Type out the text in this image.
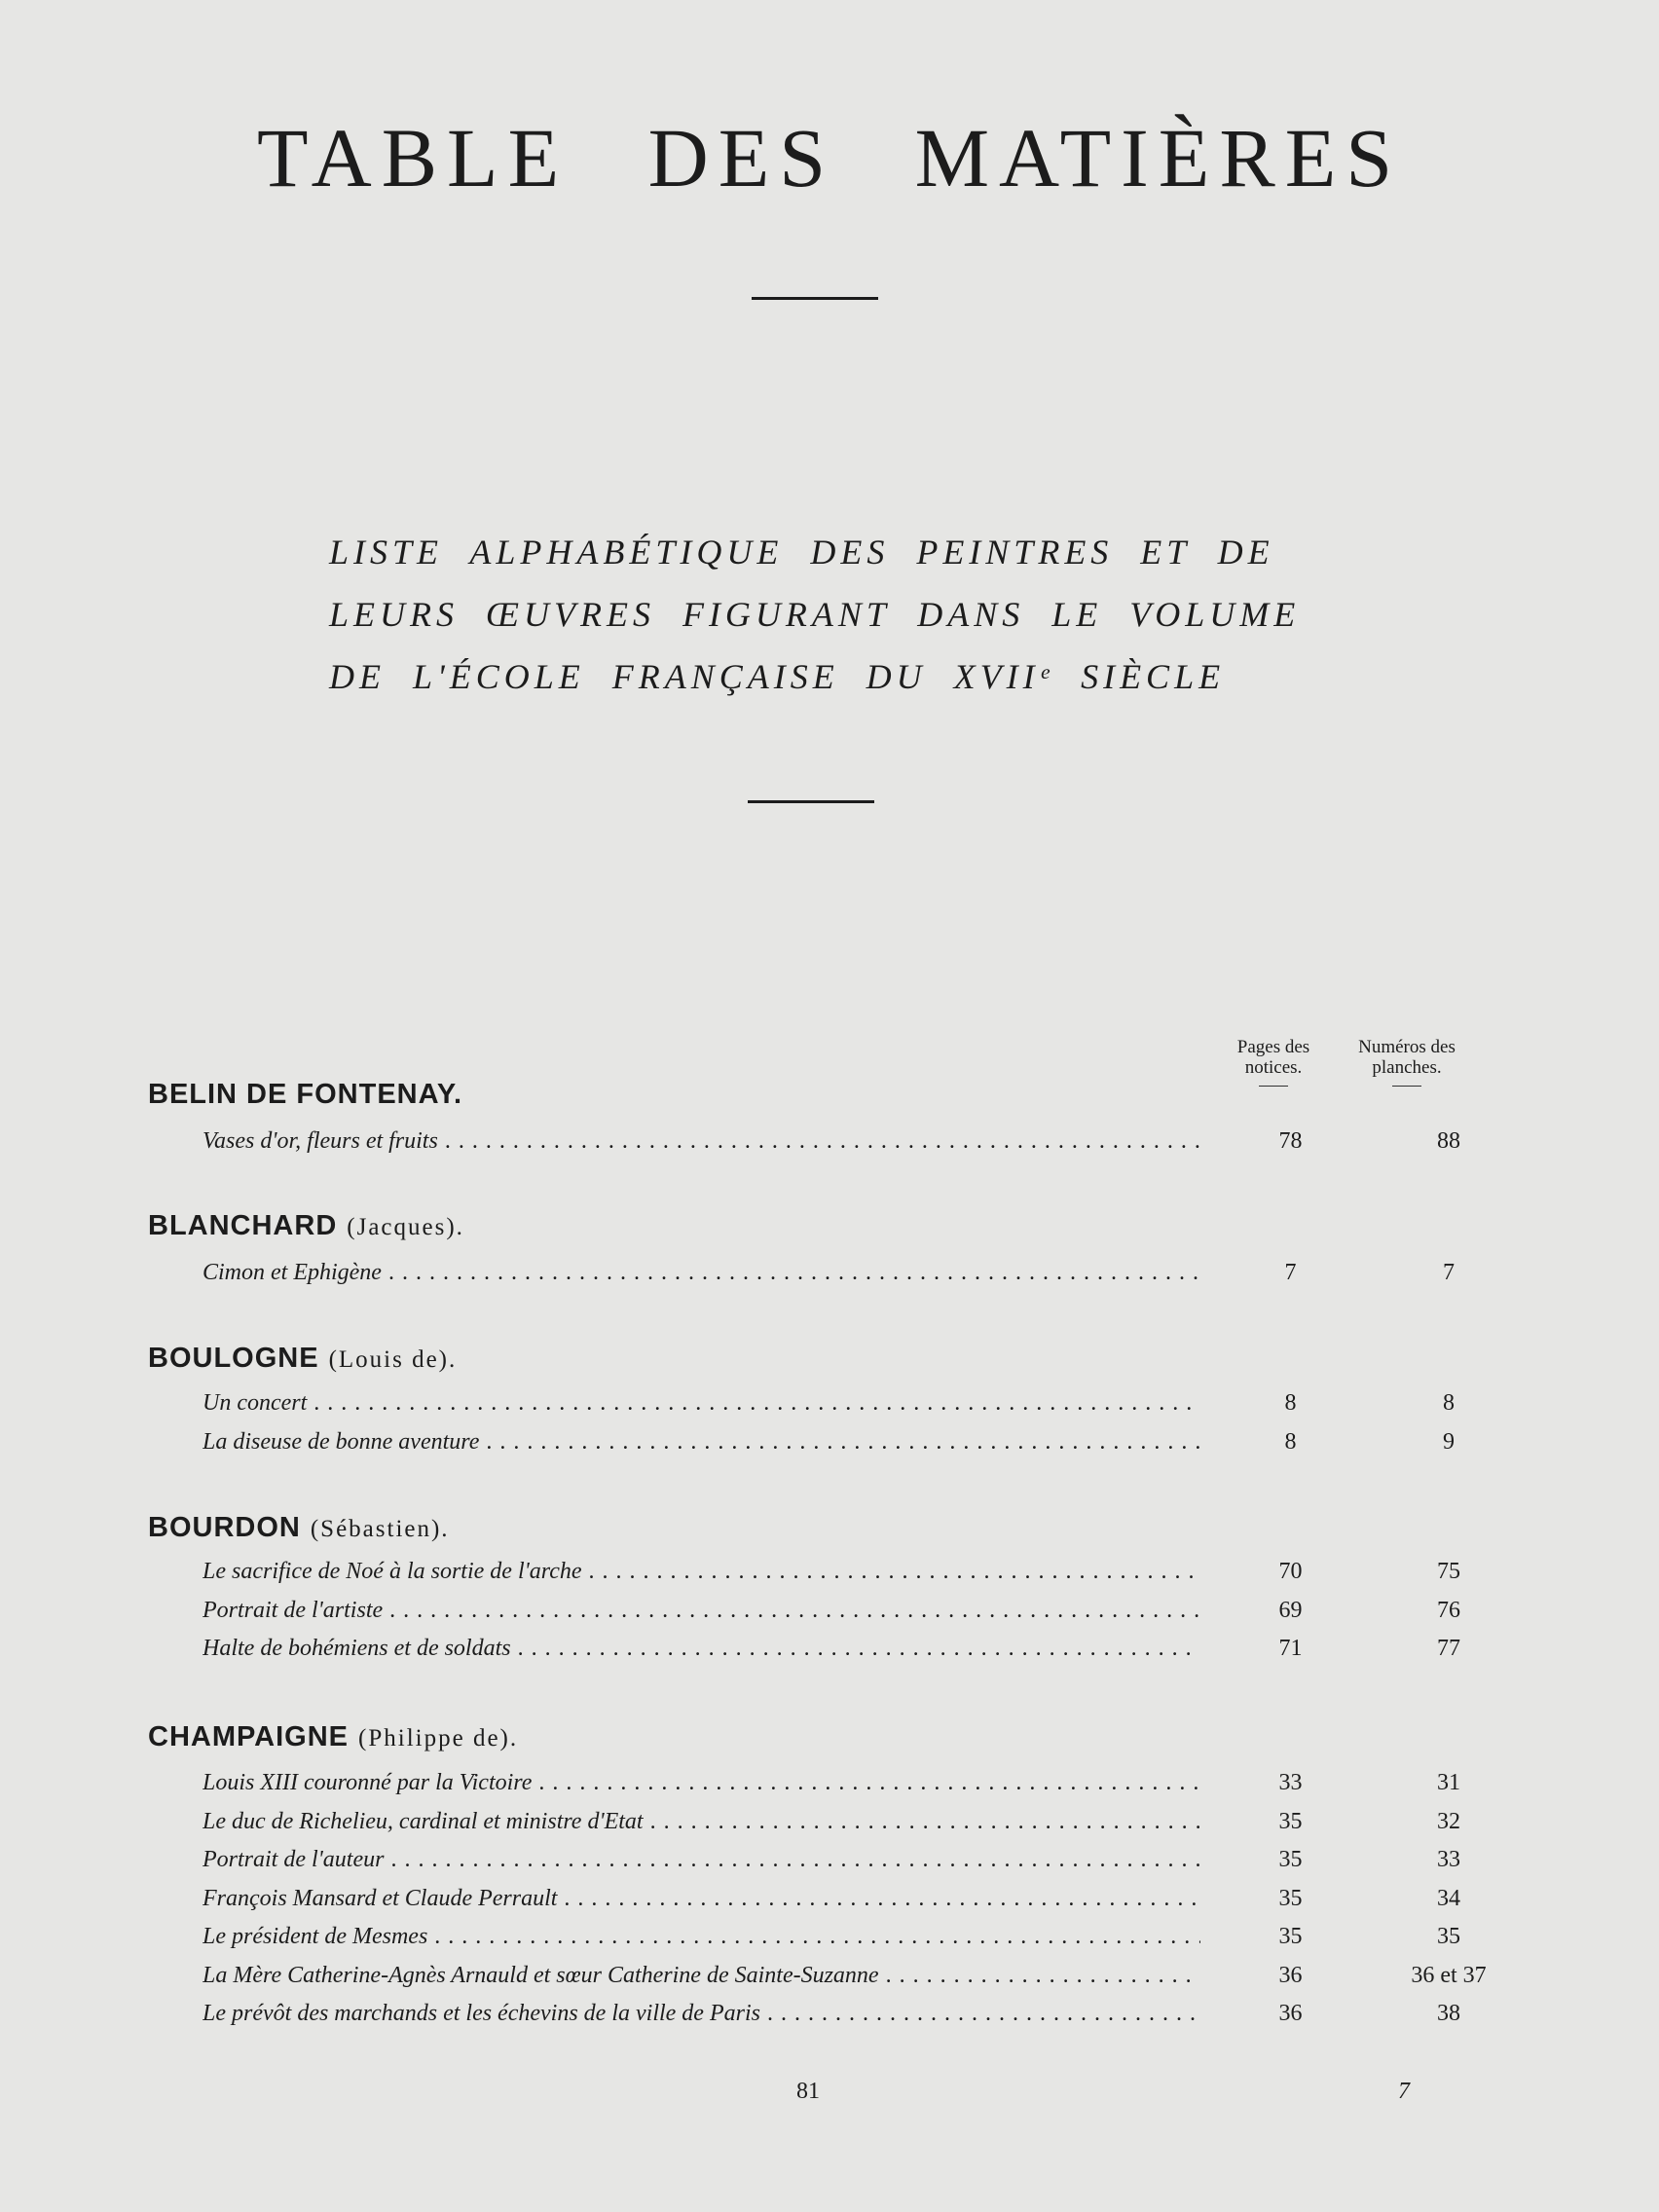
TABLE DES MATIÈRES
LISTE ALPHABÉTIQUE DES PEINTRES ET DE
LEURS ŒUVRES FIGURANT DANS LE VOLUME
DE L'ÉCOLE FRANÇAISE DU XVIIᵉ SIÈCLE
Pages des
notices.
Numéros des
planches.
BELIN DE FONTENAY.
Vases d'or, fleurs et fruits . . .	78	88
BLANCHARD (Jacques).
Cimon et Ephigène . . .	7	7
BOULOGNE (Louis de).
Un concert . . .	8	8
La diseuse de bonne aventure . . .	8	9
BOURDON (Sébastien).
Le sacrifice de Noé à la sortie de l'arche . . .	70	75
Portrait de l'artiste . . .	69	76
Halte de bohémiens et de soldats . . .	71	77
CHAMPAIGNE (Philippe de).
Louis XIII couronné par la Victoire . . .	33	31
Le duc de Richelieu, cardinal et ministre d'Etat . . .	35	32
Portrait de l'auteur . . .	35	33
François Mansard et Claude Perrault . . .	35	34
Le président de Mesmes . . .	35	35
La Mère Catherine-Agnès Arnauld et sœur Catherine de Sainte-Suzanne . . .	36	36 et 37
Le prévôt des marchands et les échevins de la ville de Paris . . .	36	38
81	7
